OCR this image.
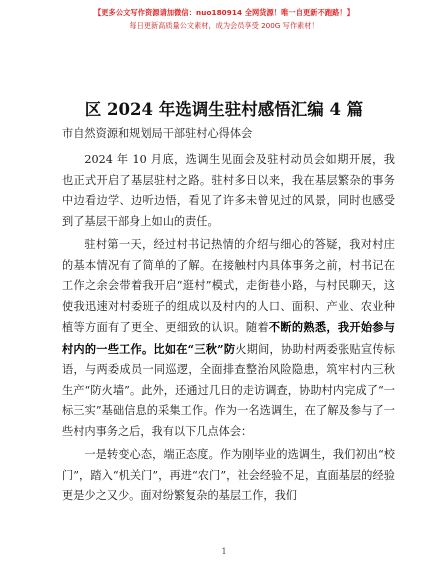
【更多公文写作资源请加微信：nuo180914 全网货源！唯一自更新不跑路！】
每日更新高质量公文素材，成为会员享受 200G 写作素材！
区 2024 年选调生驻村感悟汇编 4 篇
市自然资源和规划局干部驻村心得体会

2024 年 10 月底，选调生见面会及驻村动员会如期开展，我也正式开启了基层驻村之路。驻村多日以来，我在基层繁杂的事务中边看边学、边听边悟，看见了许多未曾见过的风景，同时也感受到了基层干部身上如山的责任。

驻村第一天，经过村书记热情的介绍与细心的答疑，我对村庄的基本情况有了简单的了解。在接触村内具体事务之前，村书记在工作之余会带着我开启“逛村”模式，走街巷小路，与村民聊天，这使我迅速对村委班子的组成以及村内的人口、面积、产业、农业种植等方面有了更全、更细致的认识。随着不断的熟悉，我开始参与村内的一些工作。比如在“三秋”防火期间，协助村两委张贴宣传标语，与两委成员一同巡逻，全面排查整治风险隐患，筑牢村内三秋生产“防火墙”。此外，还通过几日的走访调查，协助村内完成了“一标三实”基础信息的采集工作。作为一名选调生，在了解及参与了一些村内事务之后，我有以下几点体会：

一是转变心态，端正态度。作为刚毕业的选调生，我们初出“校门”，踏入“机关门”，再进“农门”，社会经验不足，直面基层的经验更是少之又少。面对纷繁复杂的基层工作，我们

1
